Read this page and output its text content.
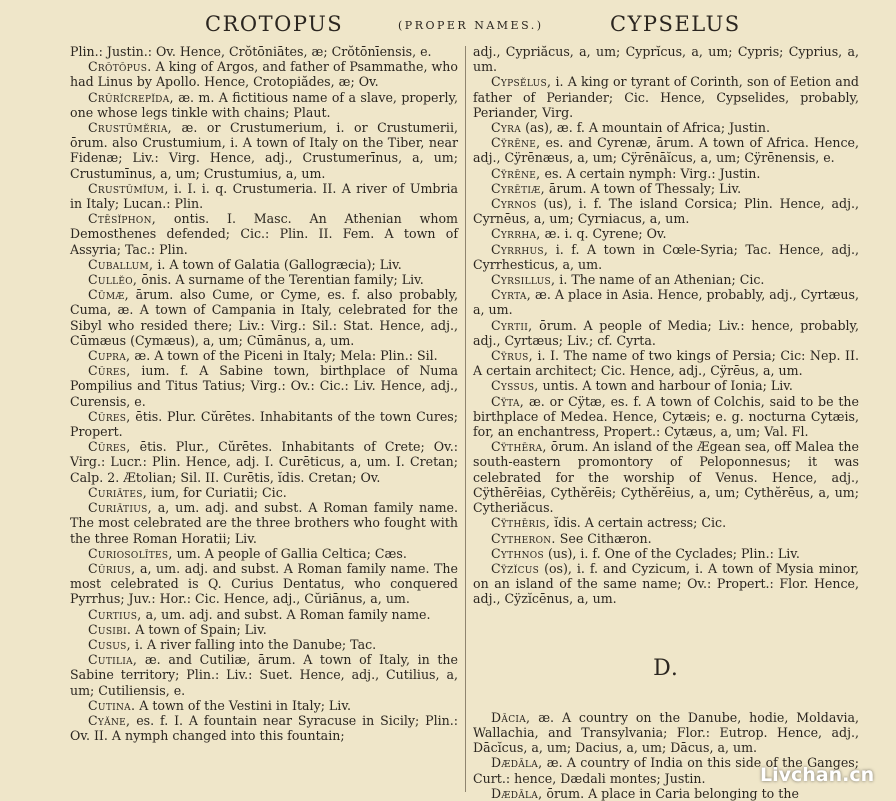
CROTOPUS	(PROPER NAMES.)	CYPSELUS

Plin.: Justin.: Ov. Hence, Crŏtōniātes, æ; Crŏtōnīensis, e.

Crŏtŏpus. A king of Argos, and father of Psammathe, who had Linus by Apollo. Hence, Crotopiădes, æ; Ov.

Crŭrĭcrepĭda, æ. m. A fictitious name of a slave, properly, one whose legs tinkle with chains; Plaut.

Crustŭmĕria, æ. or Crustumerium, i. or Crustumerii, ōrum. also Crustumium, i. A town of Italy on the Tiber, near Fidenæ; Liv.: Virg. Hence, adj., Crustumerīnus, a, um; Crustumīnus, a, um; Crustumius, a, um.

Crustŭmĭum, i. I. i. q. Crustumeria. II. A river of Umbria in Italy; Lucan.: Plin.

Ctēsĭphon, ontis. I. Masc. An Athenian whom Demosthenes defended; Cic.: Plin. II. Fem. A town of Assyria; Tac.: Plin.

Cuballum, i. A town of Galatia (Gallogræcia); Liv.

Cullĕo, ōnis. A surname of the Terentian family; Liv.

Cūmæ, ārum. also Cume, or Cyme, es. f. also probably, Cuma, æ. A town of Campania in Italy, celebrated for the Sibyl who resided there; Liv.: Virg.: Sil.: Stat. Hence, adj., Cūmæus (Cymæus), a, um; Cūmānus, a, um.

Cupra, æ. A town of the Piceni in Italy; Mela: Plin.: Sil.

Cŭres, ium. f. A Sabine town, birthplace of Numa Pompilius and Titus Tatius; Virg.: Ov.: Cic.: Liv. Hence, adj., Curensis, e.

Cŭres, ētis. Plur. Cŭrētes. Inhabitants of the town Cures; Propert.

Cŭres, ētis. Plur., Cŭrētes. Inhabitants of Crete; Ov.: Virg.: Lucr.: Plin. Hence, adj. I. Curēticus, a, um. I. Cretan; Calp. 2. Ætolian; Sil. II. Curētis, ĭdis. Cretan; Ov.

Curiātes, ium, for Curiatii; Cic.

Curiātius, a, um. adj. and subst. A Roman family name. The most celebrated are the three brothers who fought with the three Roman Horatii; Liv.

Curiosolītes, um. A people of Gallia Celtica; Cæs.

Cŭrius, a, um. adj. and subst. A Roman family name. The most celebrated is Q. Curius Dentatus, who conquered Pyrrhus; Juv.: Hor.: Cic. Hence, adj., Cŭriānus, a, um.

Curtius, a, um. adj. and subst. A Roman family name.

Cusibi. A town of Spain; Liv.

Cusus, i. A river falling into the Danube; Tac.

Cutilia, æ. and Cutiliæ, ārum. A town of Italy, in the Sabine territory; Plin.: Liv.: Suet. Hence, adj., Cutilius, a, um; Cutiliensis, e.

Cutina. A town of the Vestini in Italy; Liv.

Cyăne, es. f. I. A fountain near Syracuse in Sicily; Plin.: Ov. II. A nymph changed into this fountain;

adj., Cypriăcus, a, um; Cyprĭcus, a, um; Cypris; Cyprius, a, um.

Cypsĕlus, i. A king or tyrant of Corinth, son of Eetion and father of Periander; Cic. Hence, Cypselides, probably, Periander, Virg.

Cyra (as), æ. f. A mountain of Africa; Justin.

Cÿrēne, es. and Cyrenæ, ārum. A town of Africa. Hence, adj., Cÿrēnæus, a, um; Cÿrēnāĭcus, a, um; Cÿrēnensis, e.

Cÿrēne, es. A certain nymph: Virg.: Justin.

Cyrētiæ, ārum. A town of Thessaly; Liv.

Cyrnos (us), i. f. The island Corsica; Plin. Hence, adj., Cyrnēus, a, um; Cyrniacus, a, um.

Cyrrha, æ. i. q. Cyrene; Ov.

Cyrrhus, i. f. A town in Cœle-Syria; Tac. Hence, adj., Cyrrhesticus, a, um.

Cyrsillus, i. The name of an Athenian; Cic.

Cyrta, æ. A place in Asia. Hence, probably, adj., Cyrtæus, a, um.

Cyrtii, ōrum. A people of Media; Liv.: hence, probably, adj., Cyrtæus; Liv.; cf. Cyrta.

Cÿrus, i. I. The name of two kings of Persia; Cic: Nep. II. A certain architect; Cic. Hence, adj., Cÿrēus, a, um.

Cyssus, untis. A town and harbour of Ionia; Liv.

Cÿta, æ. or Cÿtæ, es. f. A town of Colchis, said to be the birthplace of Medea. Hence, Cytæis; e. g. nocturna Cytæis, for, an enchantress, Propert.: Cytæus, a, um; Val. Fl.

Cÿthēra, ōrum. An island of the Ægean sea, off Malea the south-eastern promontory of Peloponnesus; it was celebrated for the worship of Venus. Hence, adj., Cÿthērēias, Cythĕrēis; Cythĕrēius, a, um; Cythĕrēus, a, um; Cytheriăcus.

Cÿthēris, ĭdis. A certain actress; Cic.

Cytheron. See Cithæron.

Cythnos (us), i. f. One of the Cyclades; Plin.: Liv.

Cÿzĭcus (os), i. f. and Cyzicum, i. A town of Mysia minor, on an island of the same name; Ov.: Propert.: Flor. Hence, adj., Cÿzĭcēnus, a, um.

D.

Dācia, æ. A country on the Danube, hodie, Moldavia, Wallachia, and Transylvania; Flor.: Eutrop. Hence, adj., Dācĭcus, a, um; Dacius, a, um; Dācus, a, um.

Dædāla, æ. A country of India on this side of the Ganges; Curt.: hence, Dædali montes; Justin.

Dædāla, ōrum. A place in Caria belonging to the

Livchan.cn
